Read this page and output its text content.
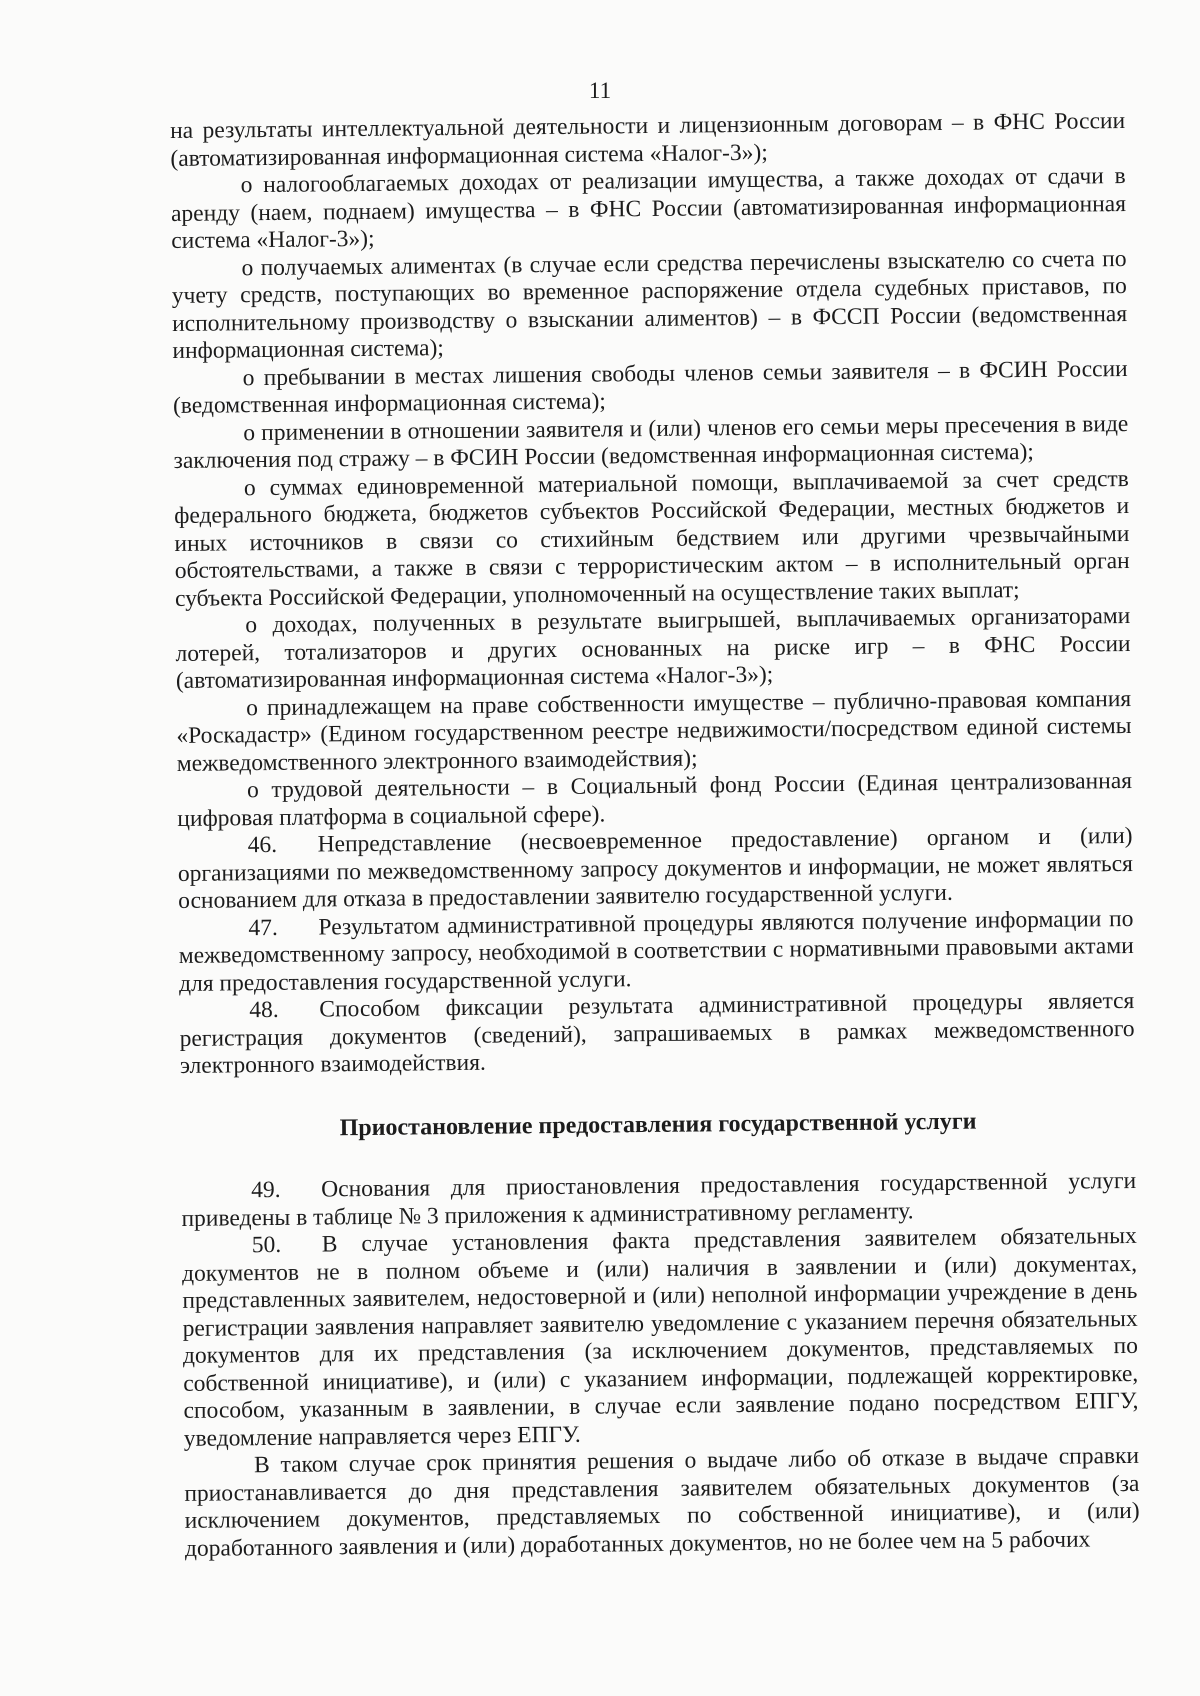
11

на результаты интеллектуальной деятельности и лицензионным договорам – в ФНС России (автоматизированная информационная система «Налог-3»);

о налогооблагаемых доходах от реализации имущества, а также доходах от сдачи в аренду (наем, поднаем) имущества – в ФНС России (автоматизированная информационная система «Налог-3»);

о получаемых алиментах (в случае если средства перечислены взыскателю со счета по учету средств, поступающих во временное распоряжение отдела судебных приставов, по исполнительному производству о взыскании алиментов) – в ФССП России (ведомственная информационная система);

о пребывании в местах лишения свободы членов семьи заявителя – в ФСИН России (ведомственная информационная система);

о применении в отношении заявителя и (или) членов его семьи меры пресечения в виде заключения под стражу – в ФСИН России (ведомственная информационная система);

о суммах единовременной материальной помощи, выплачиваемой за счет средств федерального бюджета, бюджетов субъектов Российской Федерации, местных бюджетов и иных источников в связи со стихийным бедствием или другими чрезвычайными обстоятельствами, а также в связи с террористическим актом – в исполнительный орган субъекта Российской Федерации, уполномоченный на осуществление таких выплат;

о доходах, полученных в результате выигрышей, выплачиваемых организаторами лотерей, тотализаторов и других основанных на риске игр – в ФНС России (автоматизированная информационная система «Налог-3»);

о принадлежащем на праве собственности имуществе – публично-правовая компания «Роскадастр» (Едином государственном реестре недвижимости/посредством единой системы межведомственного электронного взаимодействия);

о трудовой деятельности – в Социальный фонд России (Единая централизованная цифровая платформа в социальной сфере).

46. Непредставление (несвоевременное предоставление) органом и (или) организациями по межведомственному запросу документов и информации, не может являться основанием для отказа в предоставлении заявителю государственной услуги.

47. Результатом административной процедуры являются получение информации по межведомственному запросу, необходимой в соответствии с нормативными правовыми актами для предоставления государственной услуги.

48. Способом фиксации результата административной процедуры является регистрация документов (сведений), запрашиваемых в рамках межведомственного электронного взаимодействия.

Приостановление предоставления государственной услуги

49. Основания для приостановления предоставления государственной услуги приведены в таблице № 3 приложения к административному регламенту.

50. В случае установления факта представления заявителем обязательных документов не в полном объеме и (или) наличия в заявлении и (или) документах, представленных заявителем, недостоверной и (или) неполной информации учреждение в день регистрации заявления направляет заявителю уведомление с указанием перечня обязательных документов для их представления (за исключением документов, представляемых по собственной инициативе), и (или) с указанием информации, подлежащей корректировке, способом, указанным в заявлении, в случае если заявление подано посредством ЕПГУ, уведомление направляется через ЕПГУ.

В таком случае срок принятия решения о выдаче либо об отказе в выдаче справки приостанавливается до дня представления заявителем обязательных документов (за исключением документов, представляемых по собственной инициативе), и (или) доработанного заявления и (или) доработанных документов, но не более чем на 5 рабочих
